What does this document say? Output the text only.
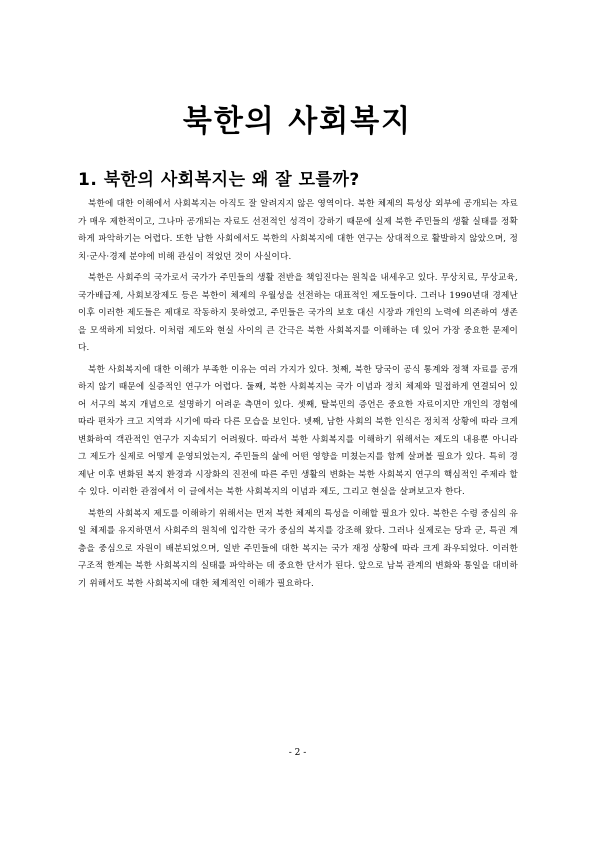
북한의 사회복지
1. 북한의 사회복지는 왜 잘 모를까?

북한에 대한 이해에서 사회복지는 아직도 잘 알려지지 않은 영역이다. 북한 체제의 특성상 외부에 공개되는 자료가 매우 제한적이고, 그나마 공개되는 자료도 선전적인 성격이 강하기 때문에 실제 북한 주민들의 생활 실태를 정확하게 파악하기는 어렵다. 또한 남한 사회에서도 북한의 사회복지에 대한 연구는 상대적으로 활발하지 않았으며, 정치·군사·경제 분야에 비해 관심이 적었던 것이 사실이다.

북한은 사회주의 국가로서 국가가 주민들의 생활 전반을 책임진다는 원칙을 내세우고 있다. 무상치료, 무상교육, 국가배급제, 사회보장제도 등은 북한이 체제의 우월성을 선전하는 대표적인 제도들이다. 그러나 1990년대 경제난 이후 이러한 제도들은 제대로 작동하지 못하였고, 주민들은 국가의 보호 대신 시장과 개인의 노력에 의존하여 생존을 모색하게 되었다. 이처럼 제도와 현실 사이의 큰 간극은 북한 사회복지를 이해하는 데 있어 가장 중요한 문제이다.

북한 사회복지에 대한 이해가 부족한 이유는 여러 가지가 있다. 첫째, 북한 당국이 공식 통계와 정책 자료를 공개하지 않기 때문에 실증적인 연구가 어렵다. 둘째, 북한 사회복지는 국가 이념과 정치 체제와 밀접하게 연결되어 있어 서구의 복지 개념으로 설명하기 어려운 측면이 있다. 셋째, 탈북민의 증언은 중요한 자료이지만 개인의 경험에 따라 편차가 크고 지역과 시기에 따라 다른 모습을 보인다. 넷째, 남한 사회의 북한 인식은 정치적 상황에 따라 크게 변화하여 객관적인 연구가 지속되기 어려웠다. 따라서 북한 사회복지를 이해하기 위해서는 제도의 내용뿐 아니라 그 제도가 실제로 어떻게 운영되었는지, 주민들의 삶에 어떤 영향을 미쳤는지를 함께 살펴볼 필요가 있다. 특히 경제난 이후 변화된 복지 환경과 시장화의 진전에 따른 주민 생활의 변화는 북한 사회복지 연구의 핵심적인 주제라 할 수 있다. 이러한 관점에서 이 글에서는 북한 사회복지의 이념과 제도, 그리고 현실을 살펴보고자 한다.

북한의 사회복지 제도를 이해하기 위해서는 먼저 북한 체제의 특성을 이해할 필요가 있다. 북한은 수령 중심의 유일 체제를 유지하면서 사회주의 원칙에 입각한 국가 중심의 복지를 강조해 왔다. 그러나 실제로는 당과 군, 특권 계층을 중심으로 자원이 배분되었으며, 일반 주민들에 대한 복지는 국가 재정 상황에 따라 크게 좌우되었다. 이러한 구조적 한계는 북한 사회복지의 실태를 파악하는 데 중요한 단서가 된다. 앞으로 남북 관계의 변화와 통일을 대비하기 위해서도 북한 사회복지에 대한 체계적인 이해가 필요하다.

- 2 -
